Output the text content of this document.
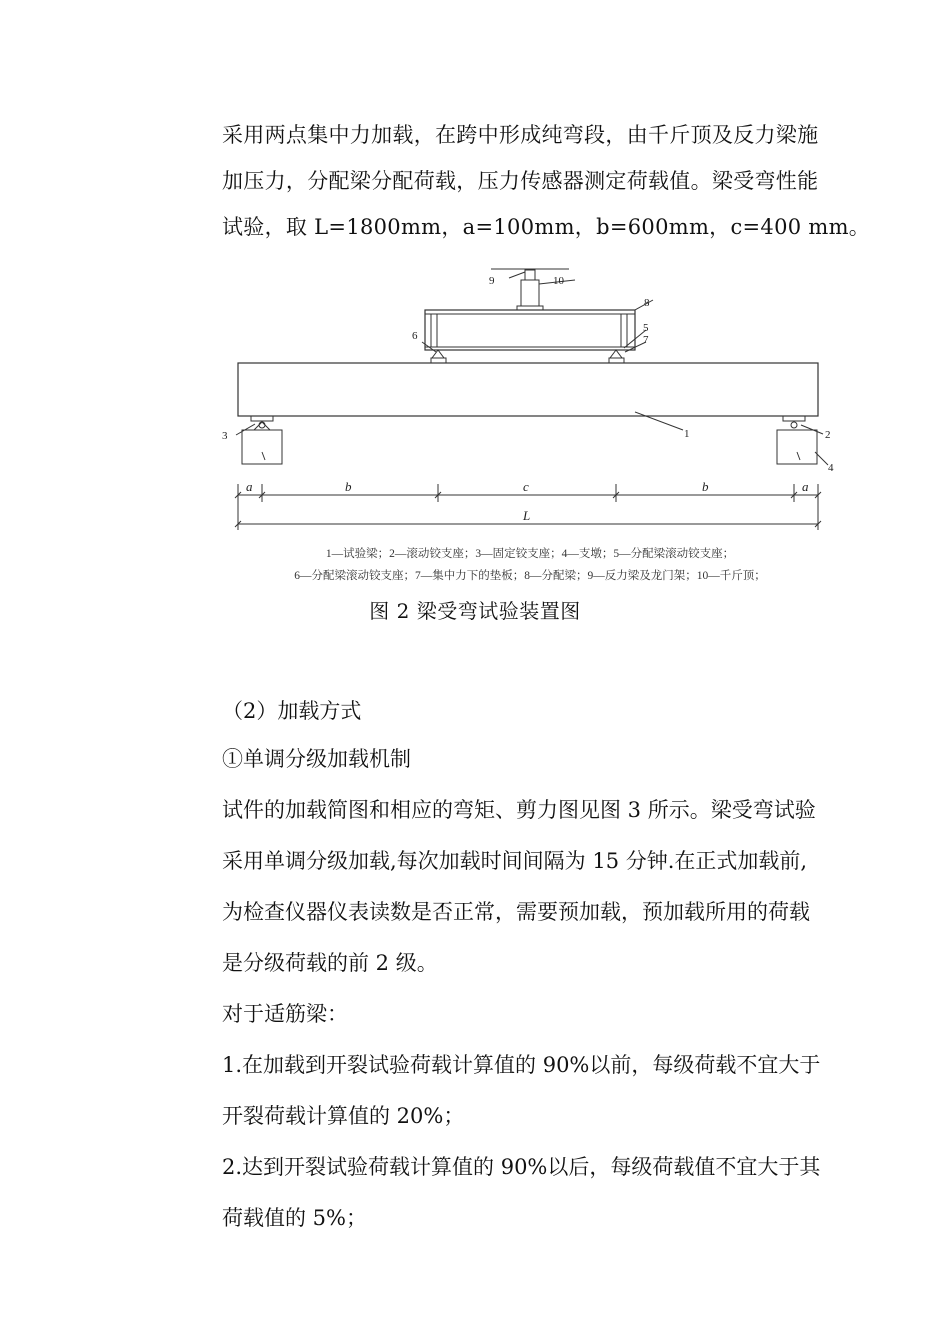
采用两点集中力加载，在跨中形成纯弯段，由千斤顶及反力梁施
加压力，分配梁分配荷载，压力传感器测定荷载值。梁受弯性能
试验，取 L=1800mm，a=100mm，b=600mm，c=400 mm。
9	10
8
5
7
6
1
3	2
4
a	b	c	b	a
L
1—试验梁；2—滚动铰支座；3—固定铰支座；4—支墩；5—分配梁滚动铰支座；
6—分配梁滚动铰支座；7—集中力下的垫板；8—分配梁；9—反力梁及龙门架；10—千斤顶；
图 2 梁受弯试验装置图
（2）加载方式
①单调分级加载机制
试件的加载简图和相应的弯矩、剪力图见图 3 所示。梁受弯试验
采用单调分级加载,每次加载时间间隔为 15 分钟.在正式加载前,
为检查仪器仪表读数是否正常，需要预加载，预加载所用的荷载
是分级荷载的前 2 级。
对于适筋梁：
1.在加载到开裂试验荷载计算值的 90%以前，每级荷载不宜大于
开裂荷载计算值的 20%；
2.达到开裂试验荷载计算值的 90%以后，每级荷载值不宜大于其
荷载值的 5%；
